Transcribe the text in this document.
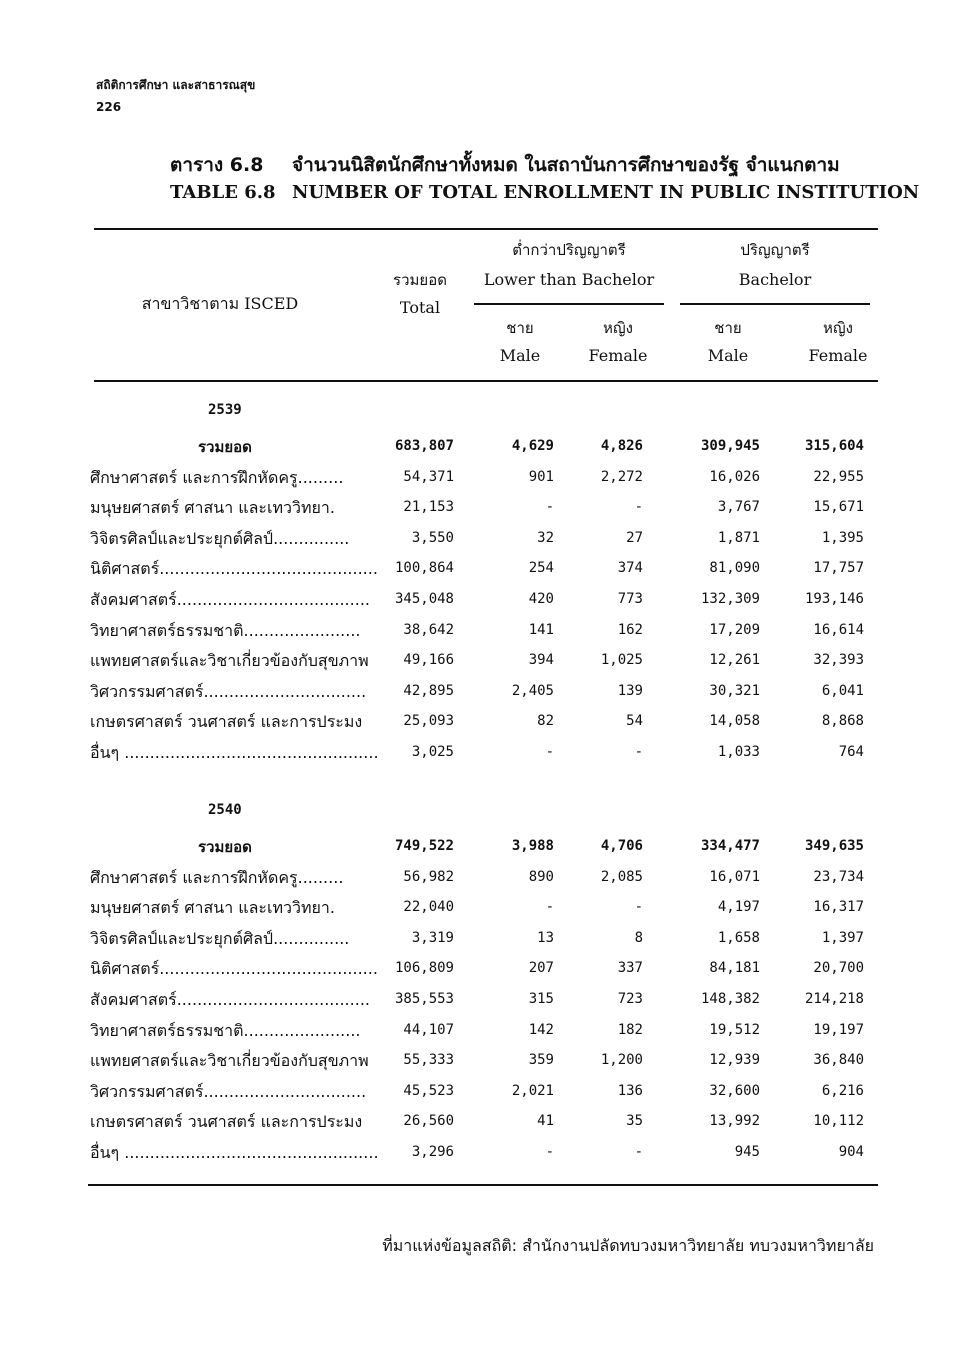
สถิติการศึกษา และสาธารณสุข
226
ตาราง 6.8 จำนวนนิสิตนักศึกษาทั้งหมด ในสถาบันการศึกษาของรัฐ จำแนกตาม
TABLE 6.8 NUMBER OF TOTAL ENROLLMENT IN PUBLIC INSTITUTION
สาขาวิชาตาม ISCED
รวมยอด
Total
ต่ำกว่าปริญญาตรี
Lower than Bachelor
ปริญญาตรี
Bachelor
ชาย
Male
หญิง
Female
ชาย
Male
หญิง
Female
2539
รวมยอด	683,807	4,629	4,826	309,945	315,604
ศึกษาศาสตร์ และการฝึกหัดครู.........	54,371	901	2,272	16,026	22,955
มนุษยศาสตร์ ศาสนา และเทววิทยา.	21,153	-	-	3,767	15,671
วิจิตรศิลป์และประยุกต์ศิลป์...............	3,550	32	27	1,871	1,395
นิติศาสตร์...........................................	100,864	254	374	81,090	17,757
สังคมศาสตร์......................................	345,048	420	773	132,309	193,146
วิทยาศาสตร์ธรรมชาติ.......................	38,642	141	162	17,209	16,614
แพทยศาสตร์และวิชาเกี่ยวข้องกับสุขภาพ	49,166	394	1,025	12,261	32,393
วิศวกรรมศาสตร์................................	42,895	2,405	139	30,321	6,041
เกษตรศาสตร์ วนศาสตร์ และการประมง	25,093	82	54	14,058	8,868
อื่นๆ ..................................................	3,025	-	-	1,033	764
2540
รวมยอด	749,522	3,988	4,706	334,477	349,635
ศึกษาศาสตร์ และการฝึกหัดครู.........	56,982	890	2,085	16,071	23,734
มนุษยศาสตร์ ศาสนา และเทววิทยา.	22,040	-	-	4,197	16,317
วิจิตรศิลป์และประยุกต์ศิลป์...............	3,319	13	8	1,658	1,397
นิติศาสตร์...........................................	106,809	207	337	84,181	20,700
สังคมศาสตร์......................................	385,553	315	723	148,382	214,218
วิทยาศาสตร์ธรรมชาติ.......................	44,107	142	182	19,512	19,197
แพทยศาสตร์และวิชาเกี่ยวข้องกับสุขภาพ	55,333	359	1,200	12,939	36,840
วิศวกรรมศาสตร์................................	45,523	2,021	136	32,600	6,216
เกษตรศาสตร์ วนศาสตร์ และการประมง	26,560	41	35	13,992	10,112
อื่นๆ ..................................................	3,296	-	-	945	904
ที่มาแห่งข้อมูลสถิติ: สำนักงานปลัดทบวงมหาวิทยาลัย ทบวงมหาวิทยาลัย
